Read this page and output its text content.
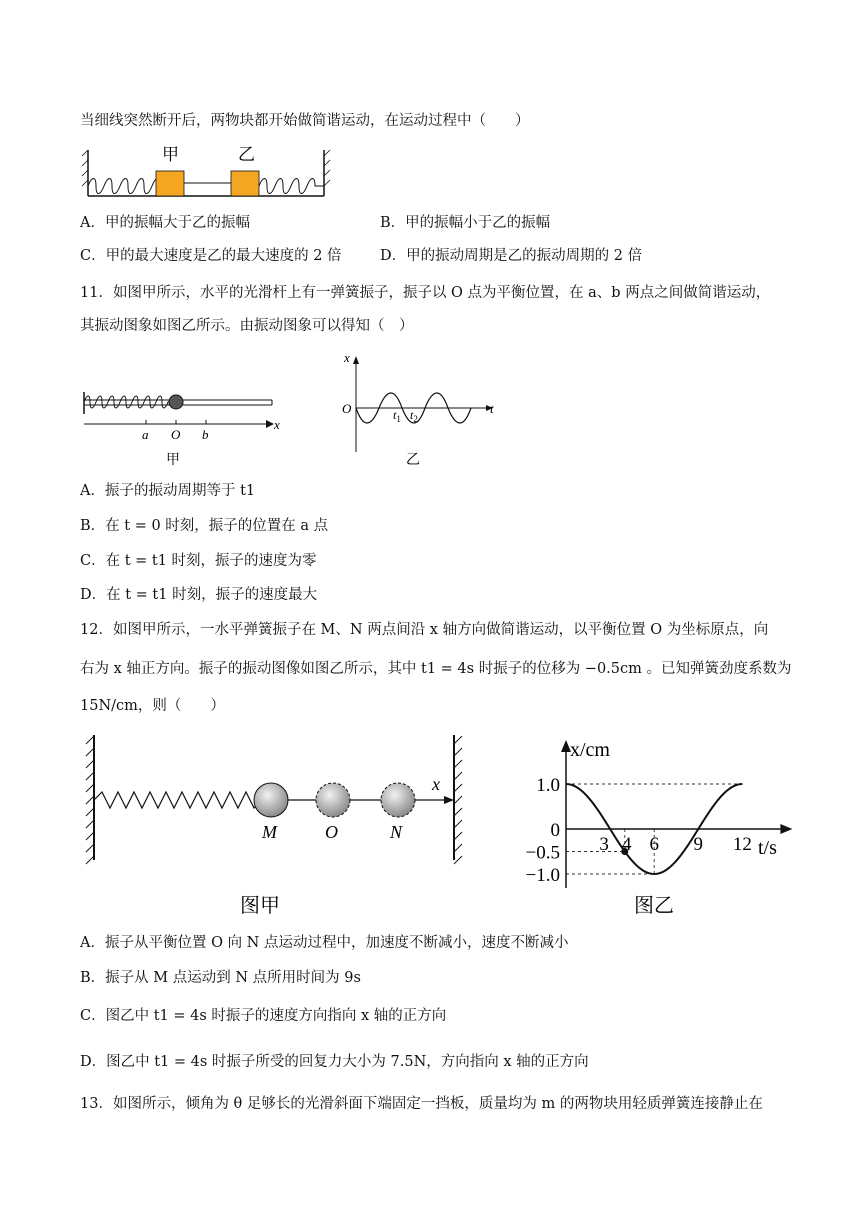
当细线突然断开后，两物块都开始做简谐运动，在运动过程中（　　）
甲	乙
A．甲的振幅大于乙的振幅	B．甲的振幅小于乙的振幅
C．甲的最大速度是乙的最大速度的 2 倍	D．甲的振动周期是乙的振动周期的 2 倍
11．如图甲所示，水平的光滑杆上有一弹簧振子，振子以 O 点为平衡位置，在 a、b 两点之间做简谐运动，
其振动图象如图乙所示。由振动图象可以得知（　）
a O b
x
甲
x
O	$t_1$ $t_2$
t
乙
A．振子的振动周期等于 t1
B．在 t = 0 时刻，振子的位置在 a 点
C．在 t = t1 时刻，振子的速度为零
D．在 t = t1 时刻，振子的速度最大
12．如图甲所示，一水平弹簧振子在 M、N 两点间沿 x 轴方向做简谐运动，以平衡位置 O 为坐标原点，向
右为 x 轴正方向。振子的振动图像如图乙所示，其中 t1 = 4s 时振子的位移为 −0.5cm 。已知弹簧劲度系数为
15N/cm，则（　　）
M	O	N
x
图甲
1.0
0
−0.5
−1.0
3 4 6 9 12
x/cm
t/s
图乙
A．振子从平衡位置 O 向 N 点运动过程中，加速度不断减小，速度不断减小
B．振子从 M 点运动到 N 点所用时间为 9s
C．图乙中 t1 = 4s 时振子的速度方向指向 x 轴的正方向
D．图乙中 t1 = 4s 时振子所受的回复力大小为 7.5N，方向指向 x 轴的正方向
13．如图所示，倾角为 θ 足够长的光滑斜面下端固定一挡板，质量均为 m 的两物块用轻质弹簧连接静止在
